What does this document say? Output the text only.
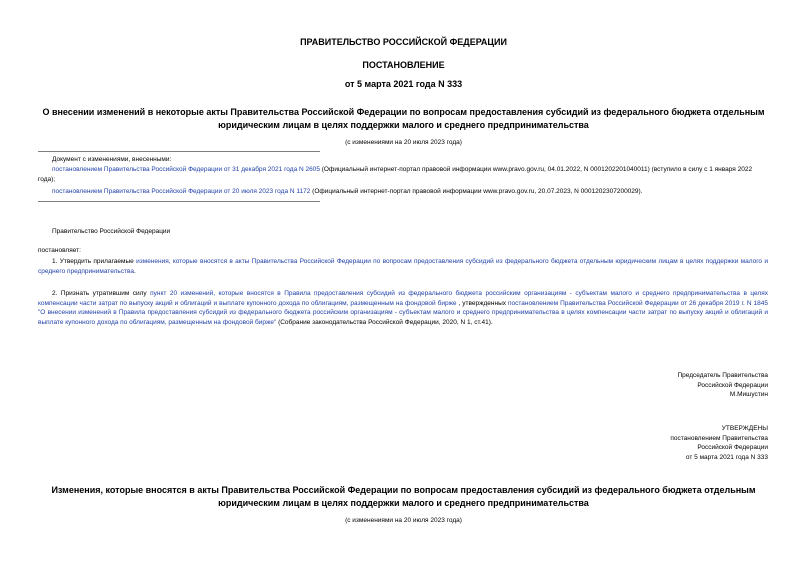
ПРАВИТЕЛЬСТВО РОССИЙСКОЙ ФЕДЕРАЦИИ
ПОСТАНОВЛЕНИЕ
от 5 марта 2021 года N 333
О внесении изменений в некоторые акты Правительства Российской Федерации по вопросам предоставления субсидий из федерального бюджета отдельным юридическим лицам в целях поддержки малого и среднего предпринимательства
(с изменениями на 20 июля 2023 года)
Документ с изменениями, внесенными:
постановлением Правительства Российской Федерации от 31 декабря 2021 года N 2605 (Официальный интернет-портал правовой информации www.pravo.gov.ru, 04.01.2022, N 0001202201040011) (вступило в силу с 1 января 2022 года);
постановлением Правительства Российской Федерации от 20 июля 2023 года N 1172 (Официальный интернет-портал правовой информации www.pravo.gov.ru, 20.07.2023, N 0001202307200029).
Правительство Российской Федерации
постановляет:
1. Утвердить прилагаемые изменения, которые вносятся в акты Правительства Российской Федерации по вопросам предоставления субсидий из федерального бюджета отдельным юридическим лицам в целях поддержки малого и среднего предпринимательства.
2. Признать утратившим силу пункт 20 изменений, которые вносятся в Правила предоставления субсидий из федерального бюджета российским организациям - субъектам малого и среднего предпринимательства в целях компенсации части затрат по выпуску акций и облигаций и выплате купонного дохода по облигациям, размещенным на фондовой бирже , утвержденных постановлением Правительства Российской Федерации от 26 декабря 2019 г. N 1845 "О внесении изменений в Правила предоставления субсидий из федерального бюджета российским организациям - субъектам малого и среднего предпринимательства в целях компенсации части затрат по выпуску акций и облигаций и выплате купонного дохода по облигациям, размещенным на фондовой бирже" (Собрание законодательства Российской Федерации, 2020, N 1, ст.41).
Председатель Правительства
Российской Федерации
М.Мишустин
УТВЕРЖДЕНЫ
постановлением Правительства
Российской Федерации
от 5 марта 2021 года N 333
Изменения, которые вносятся в акты Правительства Российской Федерации по вопросам предоставления субсидий из федерального бюджета отдельным юридическим лицам в целях поддержки малого и среднего предпринимательства
(с изменениями на 20 июля 2023 года)
